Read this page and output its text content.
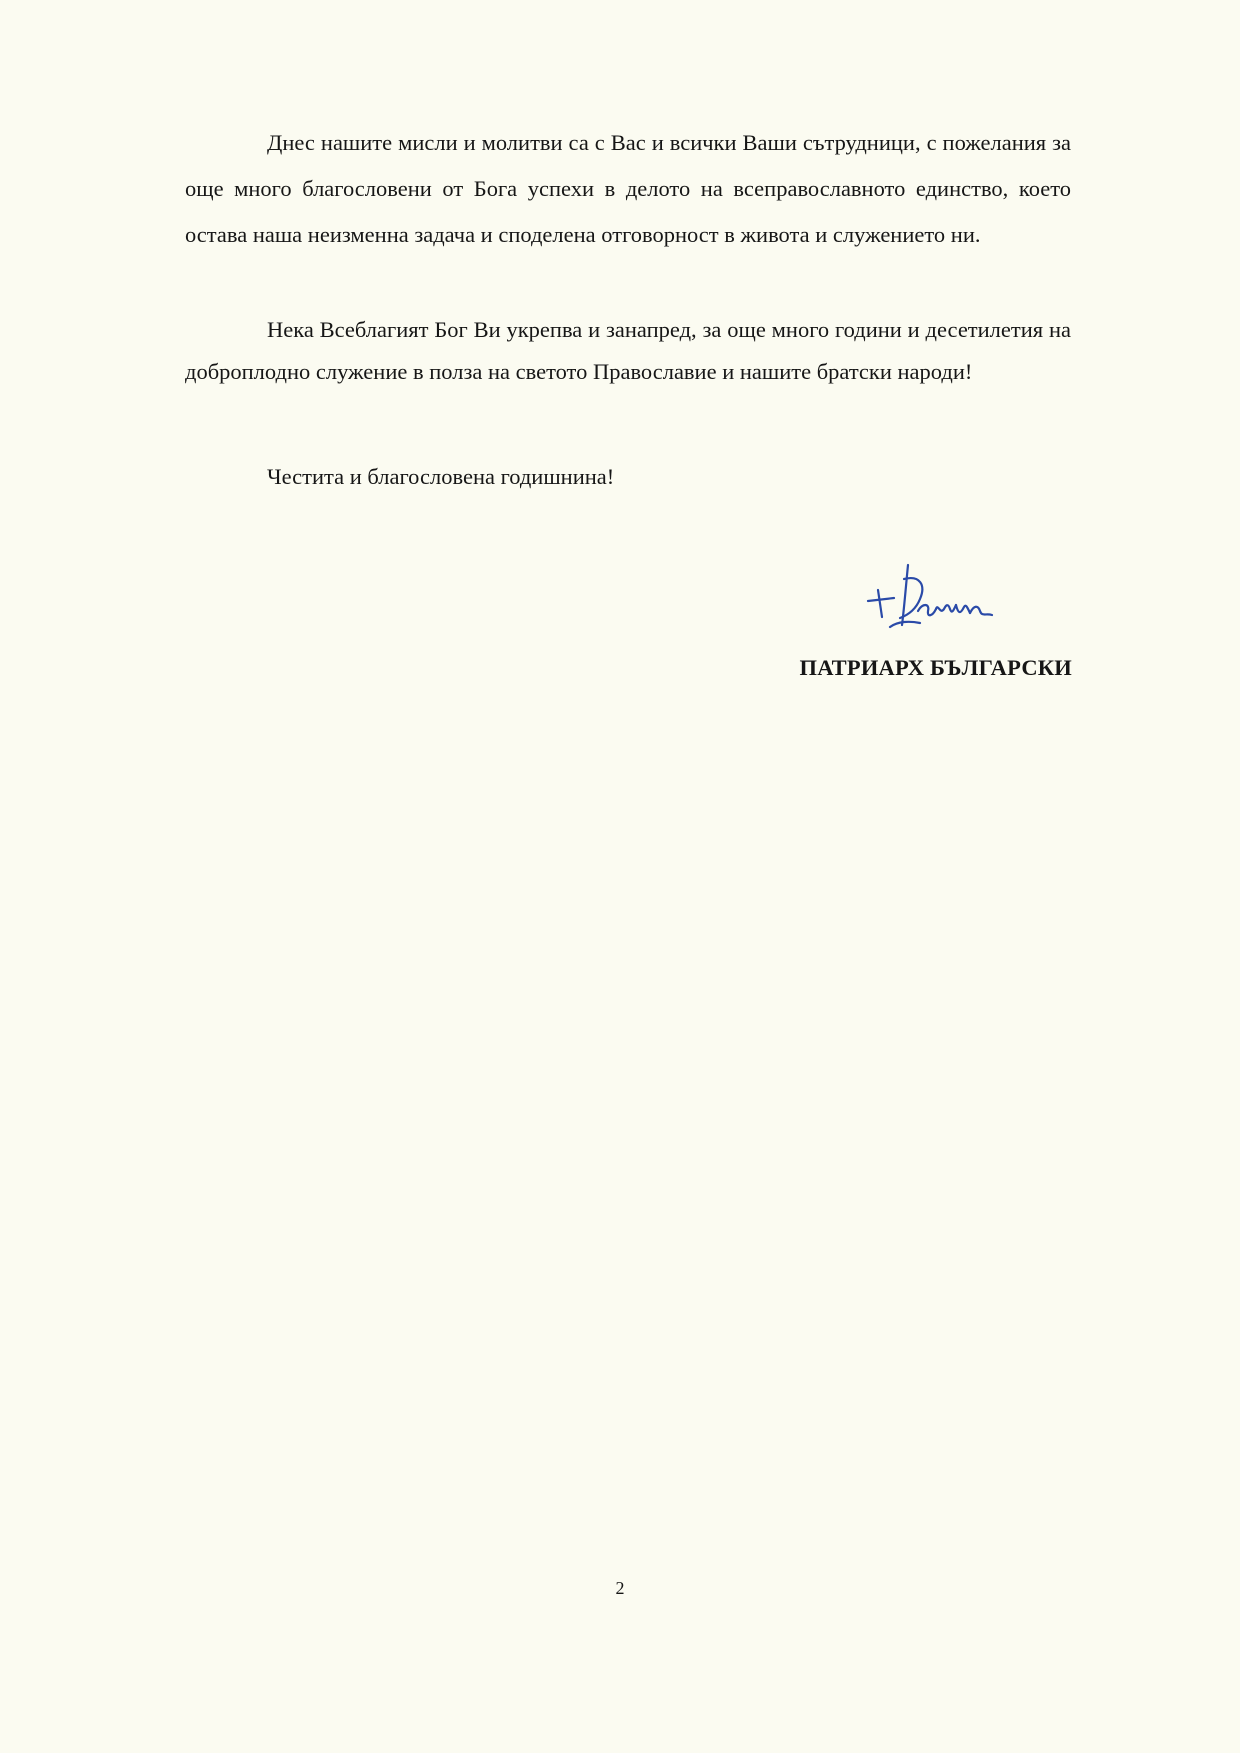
Днес нашите мисли и молитви са с Вас и всички Ваши сътрудници, с пожелания за още много благословени от Бога успехи в делото на всеправославното единство, което остава наша неизменна задача и споделена отговорност в живота и служението ни.

Нека Всеблагият Бог Ви укрепва и занапред, за още много години и десетилетия на доброплодно служение в полза на светото Православие и нашите братски народи!

Честита и благословена годишнина!

ПАТРИАРХ БЪЛГАРСКИ
2
